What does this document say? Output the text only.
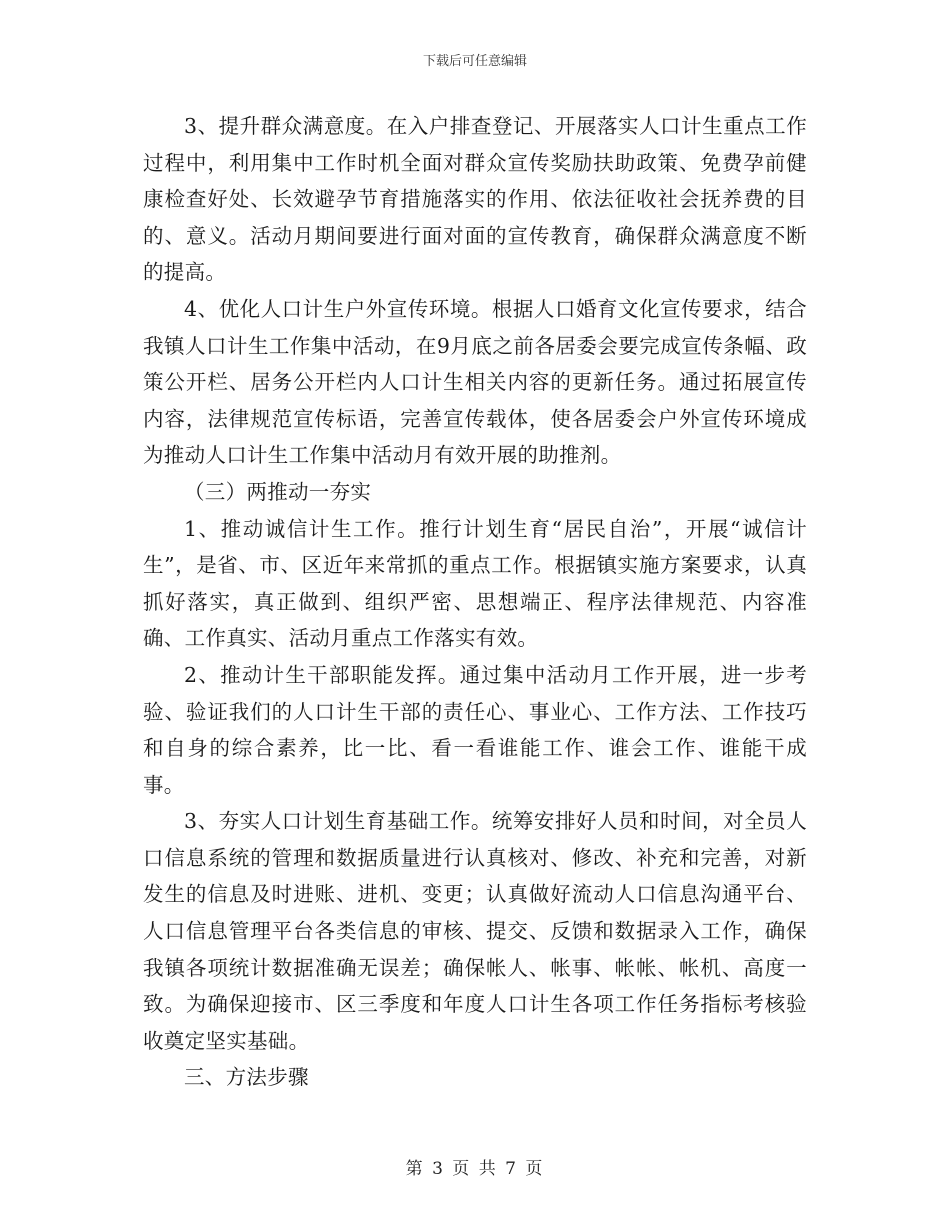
下载后可任意编辑

3、提升群众满意度。在入户排查登记、开展落实人口计生重点工作过程中，利用集中工作时机全面对群众宣传奖励扶助政策、免费孕前健康检查好处、长效避孕节育措施落实的作用、依法征收社会抚养费的目的、意义。活动月期间要进行面对面的宣传教育，确保群众满意度不断的提高。

4、优化人口计生户外宣传环境。根据人口婚育文化宣传要求，结合我镇人口计生工作集中活动，在9月底之前各居委会要完成宣传条幅、政策公开栏、居务公开栏内人口计生相关内容的更新任务。通过拓展宣传内容，法律规范宣传标语，完善宣传载体，使各居委会户外宣传环境成为推动人口计生工作集中活动月有效开展的助推剂。

（三）两推动一夯实

1、推动诚信计生工作。推行计划生育“居民自治”，开展“诚信计生”，是省、市、区近年来常抓的重点工作。根据镇实施方案要求，认真抓好落实，真正做到、组织严密、思想端正、程序法律规范、内容准确、工作真实、活动月重点工作落实有效。

2、推动计生干部职能发挥。通过集中活动月工作开展，进一步考验、验证我们的人口计生干部的责任心、事业心、工作方法、工作技巧和自身的综合素养，比一比、看一看谁能工作、谁会工作、谁能干成事。

3、夯实人口计划生育基础工作。统筹安排好人员和时间，对全员人口信息系统的管理和数据质量进行认真核对、修改、补充和完善，对新发生的信息及时进账、进机、变更；认真做好流动人口信息沟通平台、人口信息管理平台各类信息的审核、提交、反馈和数据录入工作，确保我镇各项统计数据准确无误差；确保帐人、帐事、帐帐、帐机、高度一致。为确保迎接市、区三季度和年度人口计生各项工作任务指标考核验收奠定坚实基础。

三、方法步骤

第 3 页 共 7 页
